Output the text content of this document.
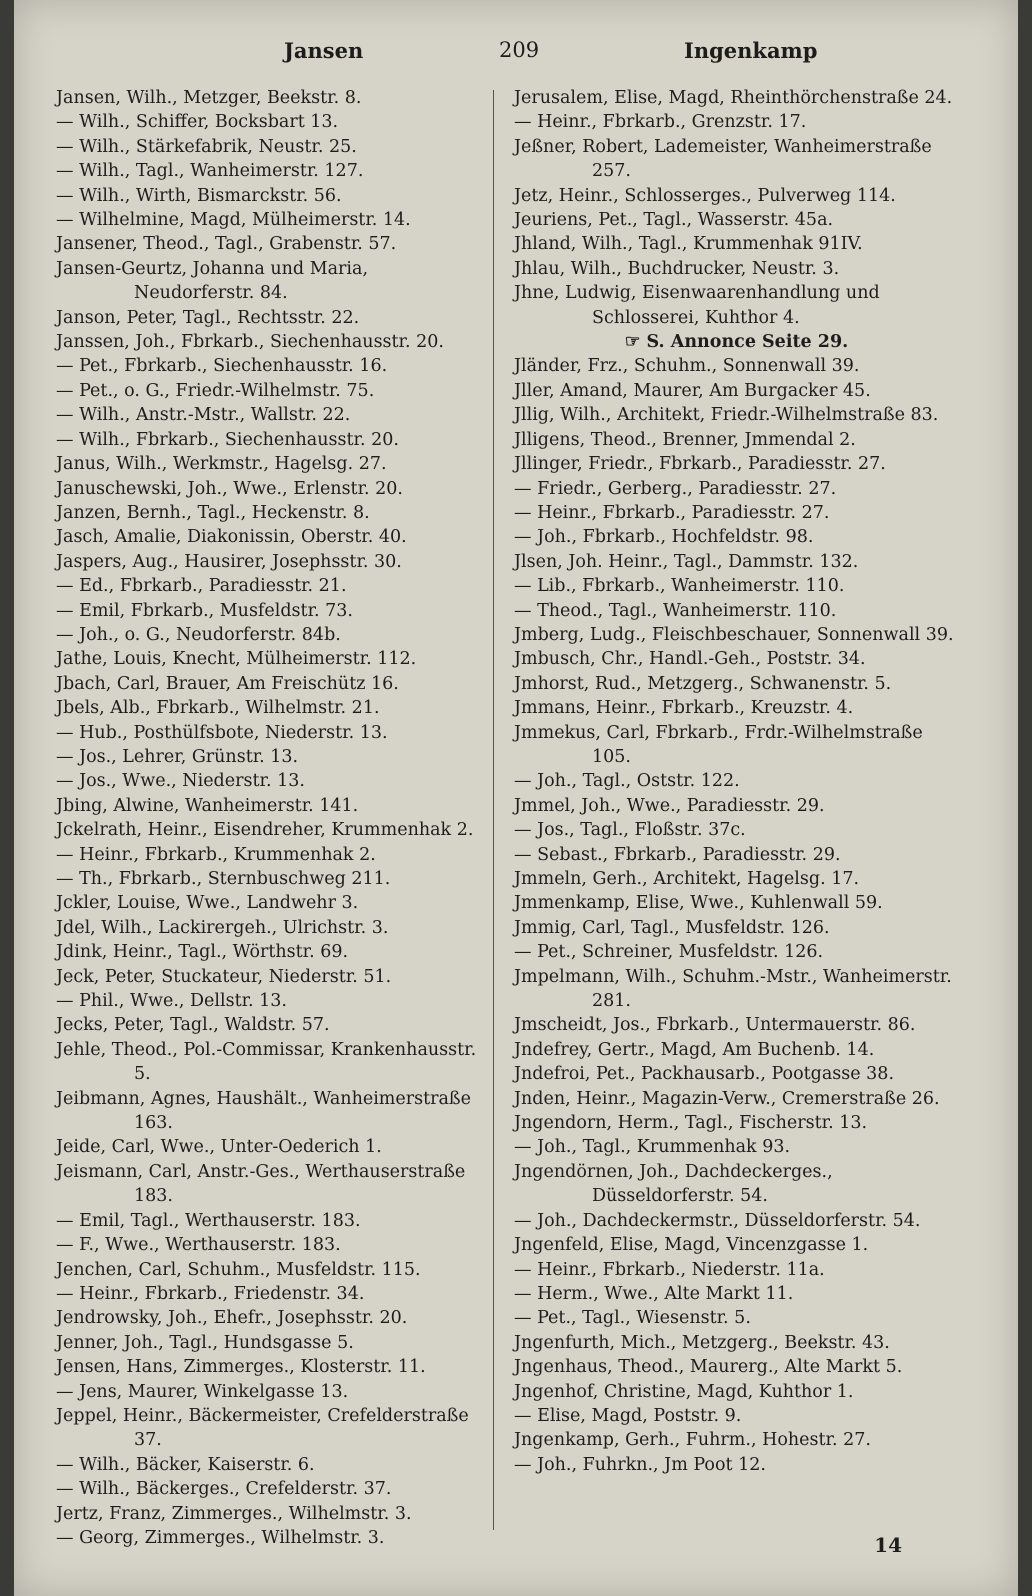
Jansen	209	Ingenkamp
Jansen, Wilh., Metzger, Beekstr. 8.
— Wilh., Schiffer, Bocksbart 13.
— Wilh., Stärkefabrik, Neustr. 25.
— Wilh., Tagl., Wanheimerstr. 127.
— Wilh., Wirth, Bismarckstr. 56.
— Wilhelmine, Magd, Mülheimerstr. 14.
Jansener, Theod., Tagl., Grabenstr. 57.
Jansen-Geurtz, Johanna und Maria, Neudorferstr. 84.
Janson, Peter, Tagl., Rechtsstr. 22.
Janssen, Joh., Fbrkarb., Siechenhausstr. 20.
— Pet., Fbrkarb., Siechenhausstr. 16.
— Pet., o. G., Friedr.-Wilhelmstr. 75.
— Wilh., Anstr.-Mstr., Wallstr. 22.
— Wilh., Fbrkarb., Siechenhausstr. 20.
Janus, Wilh., Werkmstr., Hagelsg. 27.
Januschewski, Joh., Wwe., Erlenstr. 20.
Janzen, Bernh., Tagl., Heckenstr. 8.
Jasch, Amalie, Diakonissin, Oberstr. 40.
Jaspers, Aug., Hausirer, Josephsstr. 30.
— Ed., Fbrkarb., Paradiesstr. 21.
— Emil, Fbrkarb., Musfeldstr. 73.
— Joh., o. G., Neudorferstr. 84b.
Jathe, Louis, Knecht, Mülheimerstr. 112.
Jbach, Carl, Brauer, Am Freischütz 16.
Jbels, Alb., Fbrkarb., Wilhelmstr. 21.
— Hub., Posthülfsbote, Niederstr. 13.
— Jos., Lehrer, Grünstr. 13.
— Jos., Wwe., Niederstr. 13.
Jbing, Alwine, Wanheimerstr. 141.
Jckelrath, Heinr., Eisendreher, Krummenhak 2.
— Heinr., Fbrkarb., Krummenhak 2.
— Th., Fbrkarb., Sternbuschweg 211.
Jckler, Louise, Wwe., Landwehr 3.
Jdel, Wilh., Lackirergeh., Ulrichstr. 3.
Jdink, Heinr., Tagl., Wörthstr. 69.
Jeck, Peter, Stuckateur, Niederstr. 51.
— Phil., Wwe., Dellstr. 13.
Jecks, Peter, Tagl., Waldstr. 57.
Jehle, Theod., Pol.-Commissar, Krankenhausstr. 5.
Jeibmann, Agnes, Haushält., Wanheimerstraße 163.
Jeide, Carl, Wwe., Unter-Oederich 1.
Jeismann, Carl, Anstr.-Ges., Werthauserstraße 183.
— Emil, Tagl., Werthauserstr. 183.
— F., Wwe., Werthauserstr. 183.
Jenchen, Carl, Schuhm., Musfeldstr. 115.
— Heinr., Fbrkarb., Friedenstr. 34.
Jendrowsky, Joh., Ehefr., Josephsstr. 20.
Jenner, Joh., Tagl., Hundsgasse 5.
Jensen, Hans, Zimmerges., Klosterstr. 11.
— Jens, Maurer, Winkelgasse 13.
Jeppel, Heinr., Bäckermeister, Crefelderstraße 37.
— Wilh., Bäcker, Kaiserstr. 6.
— Wilh., Bäckerges., Crefelderstr. 37.
Jertz, Franz, Zimmerges., Wilhelmstr. 3.
— Georg, Zimmerges., Wilhelmstr. 3.
Jerusalem, Elise, Magd, Rheinthörchenstraße 24.
— Heinr., Fbrkarb., Grenzstr. 17.
Jeßner, Robert, Lademeister, Wanheimerstraße 257.
Jetz, Heinr., Schlosserges., Pulverweg 114.
Jeuriens, Pet., Tagl., Wasserstr. 45a.
Jhland, Wilh., Tagl., Krummenhak 91IV.
Jhlau, Wilh., Buchdrucker, Neustr. 3.
Jhne, Ludwig, Eisenwaarenhandlung und Schlosserei, Kuhthor 4.
☞ S. Annonce Seite 29.
Jländer, Frz., Schuhm., Sonnenwall 39.
Jller, Amand, Maurer, Am Burgacker 45.
Jllig, Wilh., Architekt, Friedr.-Wilhelmstraße 83.
Jlligens, Theod., Brenner, Jmmendal 2.
Jllinger, Friedr., Fbrkarb., Paradiesstr. 27.
— Friedr., Gerberg., Paradiesstr. 27.
— Heinr., Fbrkarb., Paradiesstr. 27.
— Joh., Fbrkarb., Hochfeldstr. 98.
Jlsen, Joh. Heinr., Tagl., Dammstr. 132.
— Lib., Fbrkarb., Wanheimerstr. 110.
— Theod., Tagl., Wanheimerstr. 110.
Jmberg, Ludg., Fleischbeschauer, Sonnenwall 39.
Jmbusch, Chr., Handl.-Geh., Poststr. 34.
Jmhorst, Rud., Metzgerg., Schwanenstr. 5.
Jmmans, Heinr., Fbrkarb., Kreuzstr. 4.
Jmmekus, Carl, Fbrkarb., Frdr.-Wilhelmstraße 105.
— Joh., Tagl., Oststr. 122.
Jmmel, Joh., Wwe., Paradiesstr. 29.
— Jos., Tagl., Floßstr. 37c.
— Sebast., Fbrkarb., Paradiesstr. 29.
Jmmeln, Gerh., Architekt, Hagelsg. 17.
Jmmenkamp, Elise, Wwe., Kuhlenwall 59.
Jmmig, Carl, Tagl., Musfeldstr. 126.
— Pet., Schreiner, Musfeldstr. 126.
Jmpelmann, Wilh., Schuhm.-Mstr., Wanheimerstr. 281.
Jmscheidt, Jos., Fbrkarb., Untermauerstr. 86.
Jndefrey, Gertr., Magd, Am Buchenb. 14.
Jndefroi, Pet., Packhausarb., Pootgasse 38.
Jnden, Heinr., Magazin-Verw., Cremerstraße 26.
Jngendorn, Herm., Tagl., Fischerstr. 13.
— Joh., Tagl., Krummenhak 93.
Jngendörnen, Joh., Dachdeckerges., Düsseldorferstr. 54.
— Joh., Dachdeckermstr., Düsseldorferstr. 54.
Jngenfeld, Elise, Magd, Vincenzgasse 1.
— Heinr., Fbrkarb., Niederstr. 11a.
— Herm., Wwe., Alte Markt 11.
— Pet., Tagl., Wiesenstr. 5.
Jngenfurth, Mich., Metzgerg., Beekstr. 43.
Jngenhaus, Theod., Maurerg., Alte Markt 5.
Jngenhof, Christine, Magd, Kuhthor 1.
— Elise, Magd, Poststr. 9.
Jngenkamp, Gerh., Fuhrm., Hohestr. 27.
— Joh., Fuhrkn., Jm Poot 12.
14
